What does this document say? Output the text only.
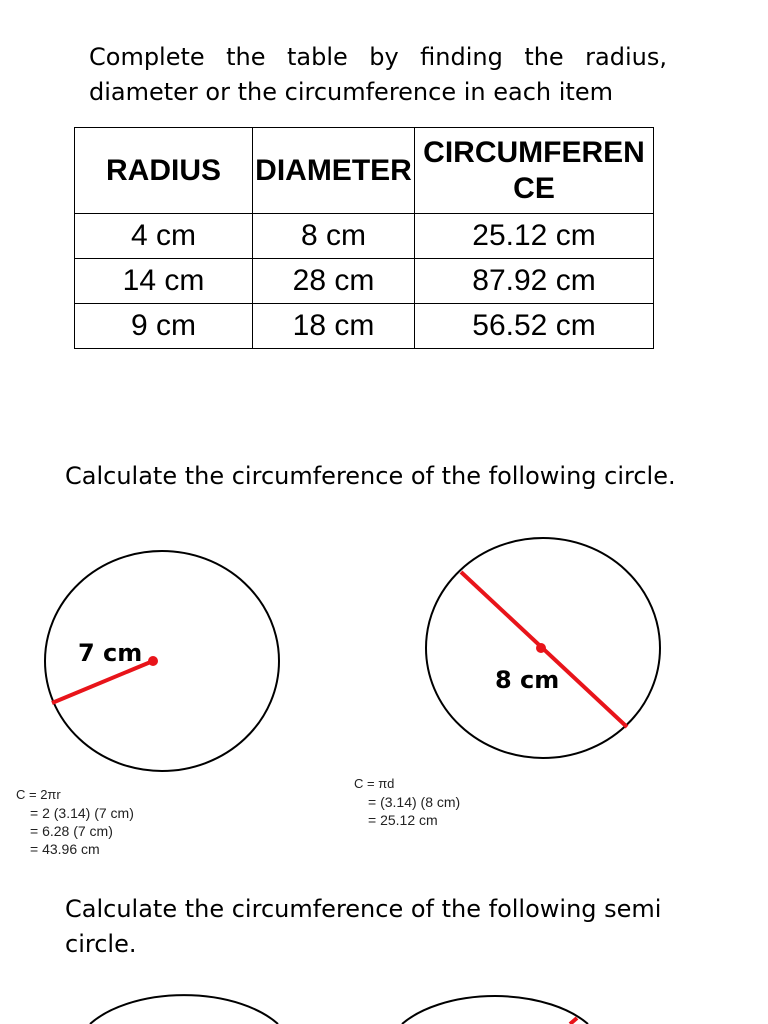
Complete the table by finding the radius,
diameter or the circumference in each item

RADIUS	DIAMETER	CIRCUMFERENCE
4 cm	8 cm	25.12 cm
14 cm	28 cm	87.92 cm
9 cm	18 cm	56.52 cm

Calculate the circumference of the following circle.

7 cm
8 cm
C = 2πr
= 2 (3.14) (7 cm)
= 6.28 (7 cm)
= 43.96 cm
C = πd
= (3.14) (8 cm)
= 25.12 cm

Calculate the circumference of the following semi
circle.
